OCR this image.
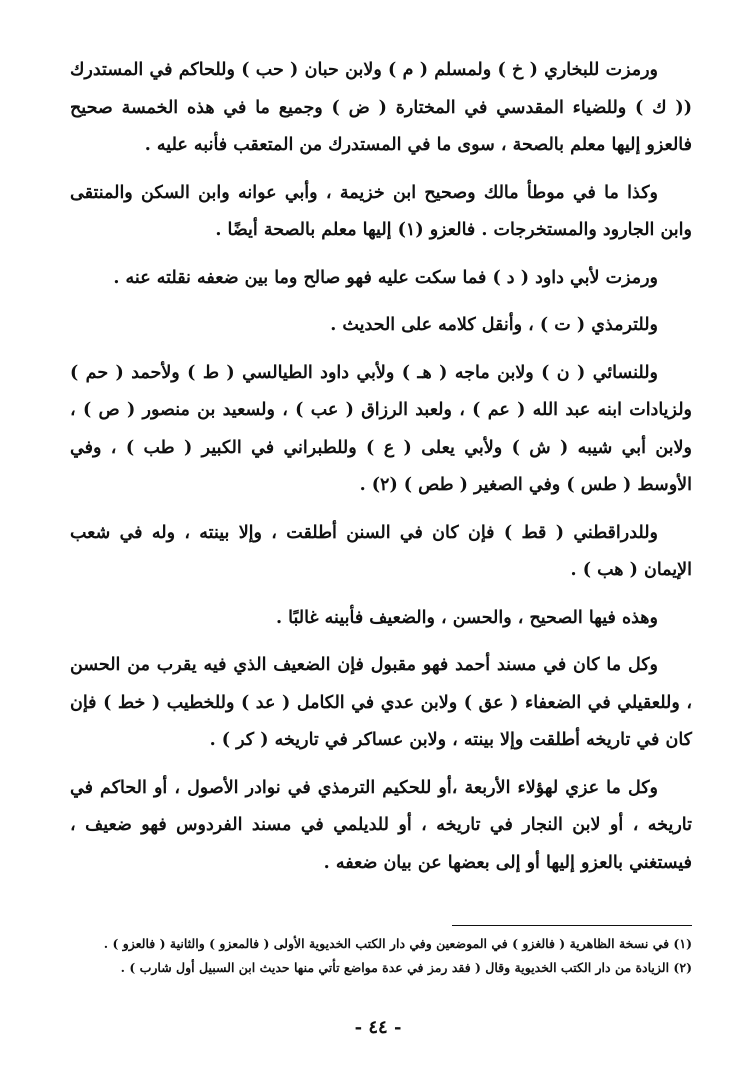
ورمزت للبخاري ( خ ) ولمسلم ( م ) ولابن حبان ( حب ) وللحاكم في المستدرك (( ك ) وللضياء المقدسي في المختارة ( ض ) وجميع ما في هذه الخمسة صحيح فالعزو إليها معلم بالصحة ، سوى ما في المستدرك من المتعقب فأنبه عليه .

وكذا ما في موطأ مالك وصحيح ابن خزيمة ، وأبي عوانه وابن السكن والمنتقى وابن الجارود والمستخرجات . فالعزو (١) إليها معلم بالصحة أيضًا .

ورمزت لأبي داود ( د ) فما سكت عليه فهو صالح وما بين ضعفه نقلته عنه .

وللترمذي ( ت ) ، وأنقل كلامه على الحديث .

وللنسائي ( ن ) ولابن ماجه ( هـ ) ولأبي داود الطيالسي ( ط ) ولأحمد ( حم ) ولزيادات ابنه عبد الله ( عم ) ، ولعبد الرزاق ( عب ) ، ولسعيد بن منصور ( ص ) ، ولابن أبي شيبه ( ش ) ولأبي يعلى ( ع ) وللطبراني في الكبير ( طب ) ، وفي الأوسط ( طس ) وفي الصغير ( طص ) (٢) .

وللدراقطني ( قط ) فإن كان في السنن أطلقت ، وإلا بينته ، وله في شعب الإيمان ( هب ) .

وهذه فيها الصحيح ، والحسن ، والضعيف فأبينه غالبًا .

وكل ما كان في مسند أحمد فهو مقبول فإن الضعيف الذي فيه يقرب من الحسن ، وللعقيلي في الضعفاء ( عق ) ولابن عدي في الكامل ( عد ) وللخطيب ( خط ) فإن كان في تاريخه أطلقت وإلا بينته ، ولابن عساكر في تاريخه ( كر ) .

وكل ما عزي لهؤلاء الأربعة ،أو للحكيم الترمذي في نوادر الأصول ، أو الحاكم في تاريخه ، أو لابن النجار في تاريخه ، أو للديلمي في مسند الفردوس فهو ضعيف ، فيستغني بالعزو إليها أو إلى بعضها عن بيان ضعفه .

(١) في نسخة الظاهرية ( فالغزو ) في الموضعين وفي دار الكتب الخديوية الأولى ( فالمعزو ) والثانية ( فالعزو ) .

(٢) الزيادة من دار الكتب الخديوية وقال ( فقد رمز في عدة مواضع تأتي منها حديث ابن السبيل أول شارب ) .

- ٤٤ -
